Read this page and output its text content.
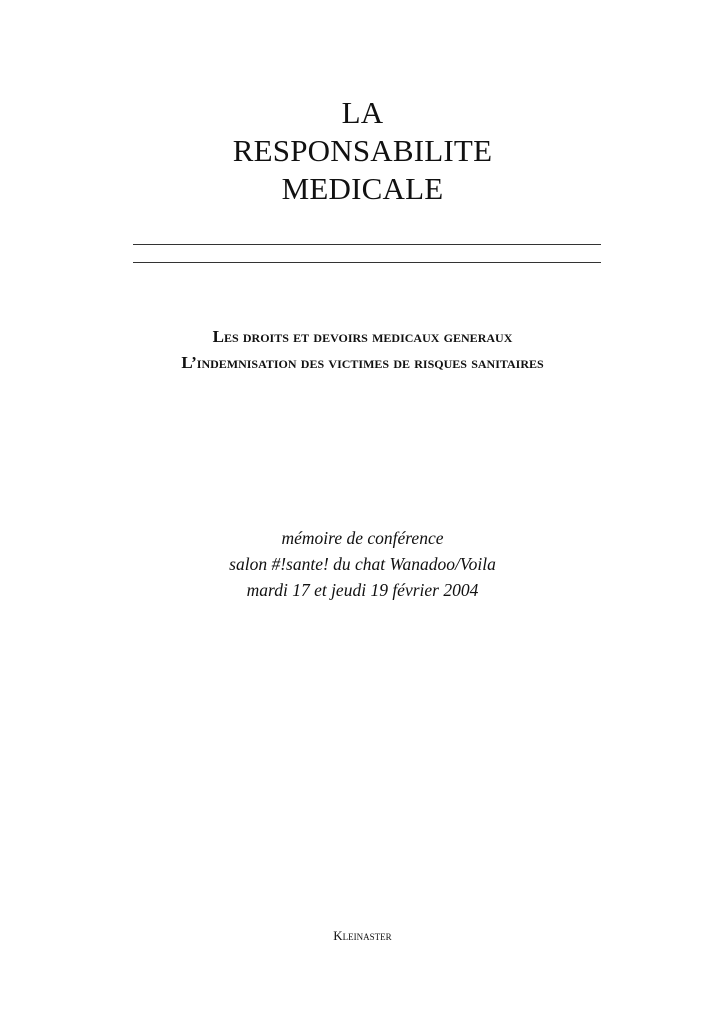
LA
RESPONSABILITE
MEDICALE
Les droits et devoirs medicaux generaux
L’indemnisation des victimes de risques sanitaires
mémoire de conférence
salon #!sante! du chat Wanadoo/Voila
mardi 17 et jeudi 19 février 2004
Kleinaster
